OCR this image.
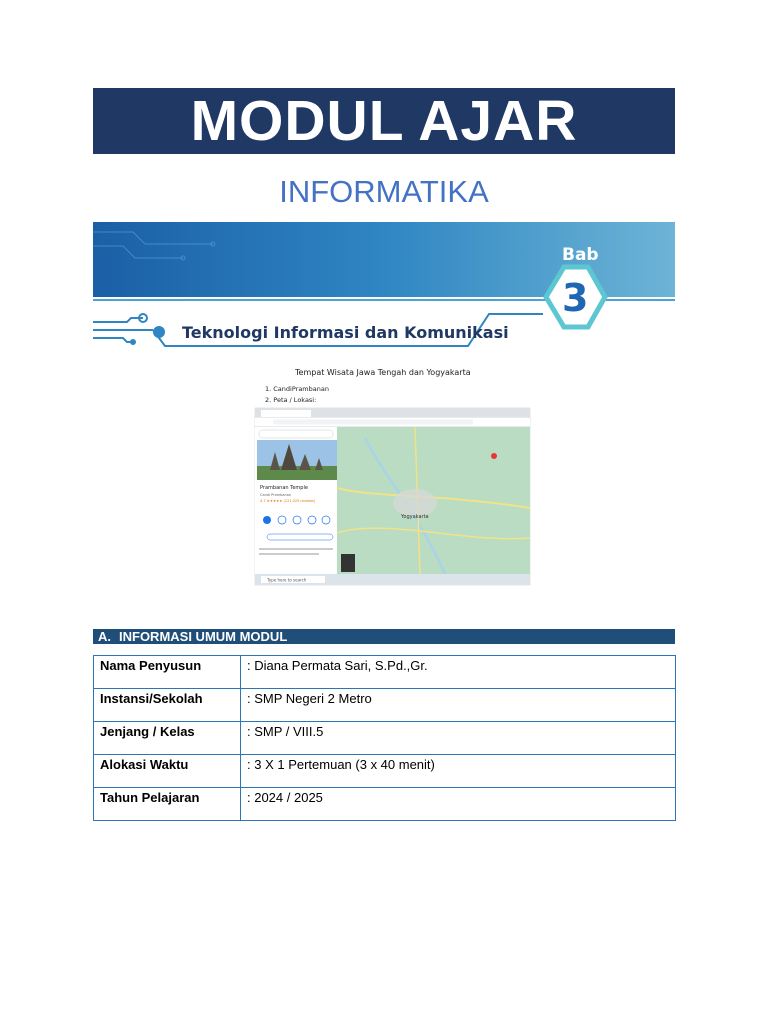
MODUL AJAR
INFORMATIKA
Bab
3
Teknologi Informasi dan Komunikasi
Tempat Wisata Jawa Tengah dan Yogyakarta
1. CandiPrambanan
2. Peta / Lokasi:
Yogyakarta
Prambanan Temple
Candi Prambanan
4.7 ★★★★★ (121,025 reviews)
Type here to search
A. INFORMASI UMUM MODUL
Nama Penyusun	: Diana Permata Sari, S.Pd.,Gr.
Instansi/Sekolah	: SMP Negeri 2 Metro
Jenjang / Kelas	: SMP / VIII.5
Alokasi Waktu	: 3 X 1 Pertemuan (3 x 40 menit)
Tahun Pelajaran	: 2024 / 2025
